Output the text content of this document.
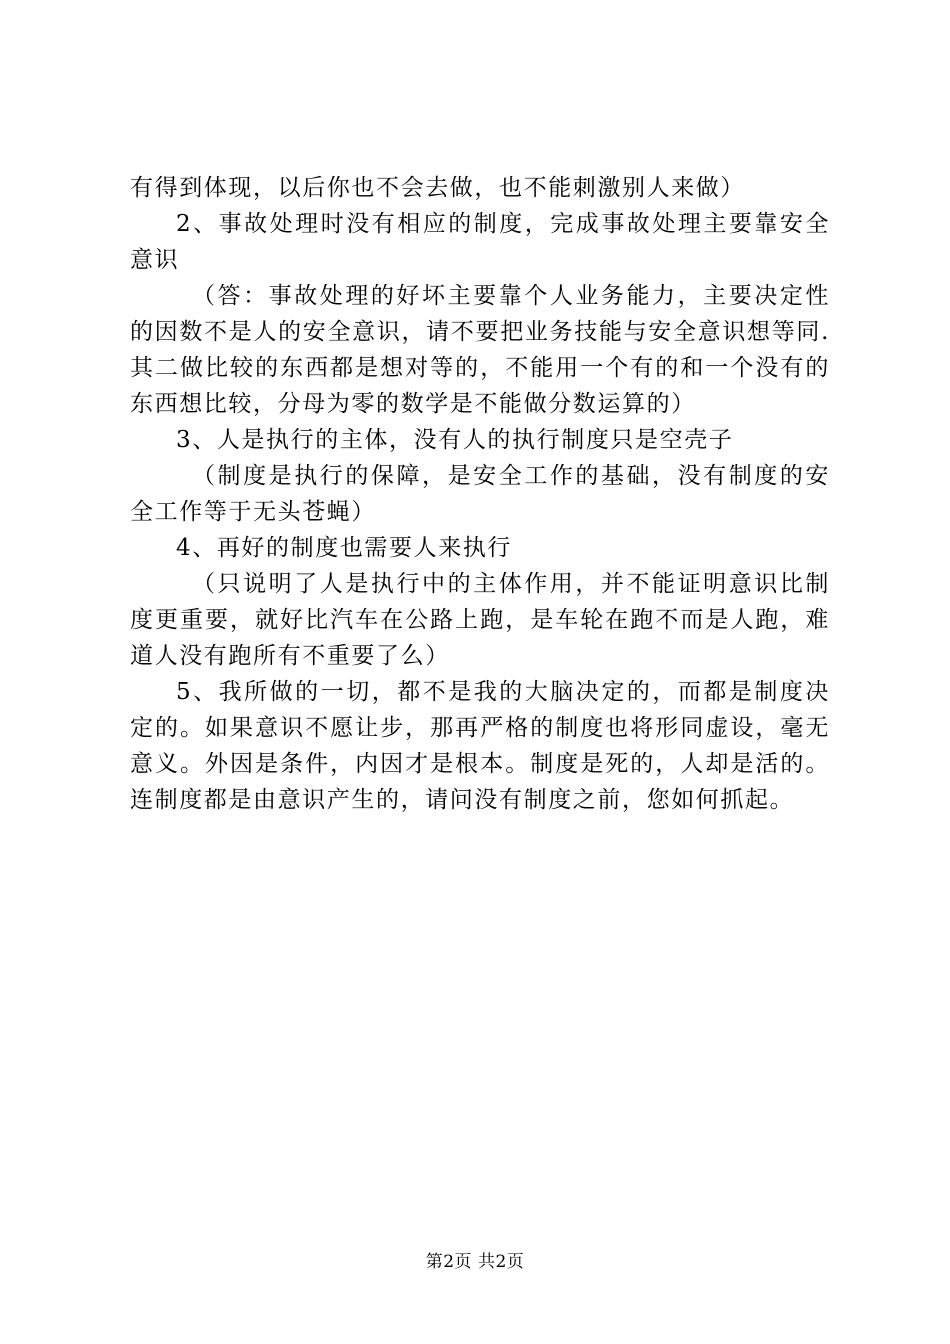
有得到体现，以后你也不会去做，也不能刺激别人来做）

2、事故处理时没有相应的制度，完成事故处理主要靠安全意识

（答：事故处理的好坏主要靠个人业务能力，主要决定性的因数不是人的安全意识，请不要把业务技能与安全意识想等同.其二做比较的东西都是想对等的，不能用一个有的和一个没有的东西想比较，分母为零的数学是不能做分数运算的）

3、人是执行的主体，没有人的执行制度只是空壳子

（制度是执行的保障，是安全工作的基础，没有制度的安全工作等于无头苍蝇）

4、再好的制度也需要人来执行

（只说明了人是执行中的主体作用，并不能证明意识比制度更重要，就好比汽车在公路上跑，是车轮在跑不而是人跑，难道人没有跑所有不重要了么）

5、我所做的一切，都不是我的大脑决定的，而都是制度决定的。如果意识不愿让步，那再严格的制度也将形同虚设，毫无意义。外因是条件，内因才是根本。制度是死的，人却是活的。连制度都是由意识产生的，请问没有制度之前，您如何抓起。

第2页 共2页
